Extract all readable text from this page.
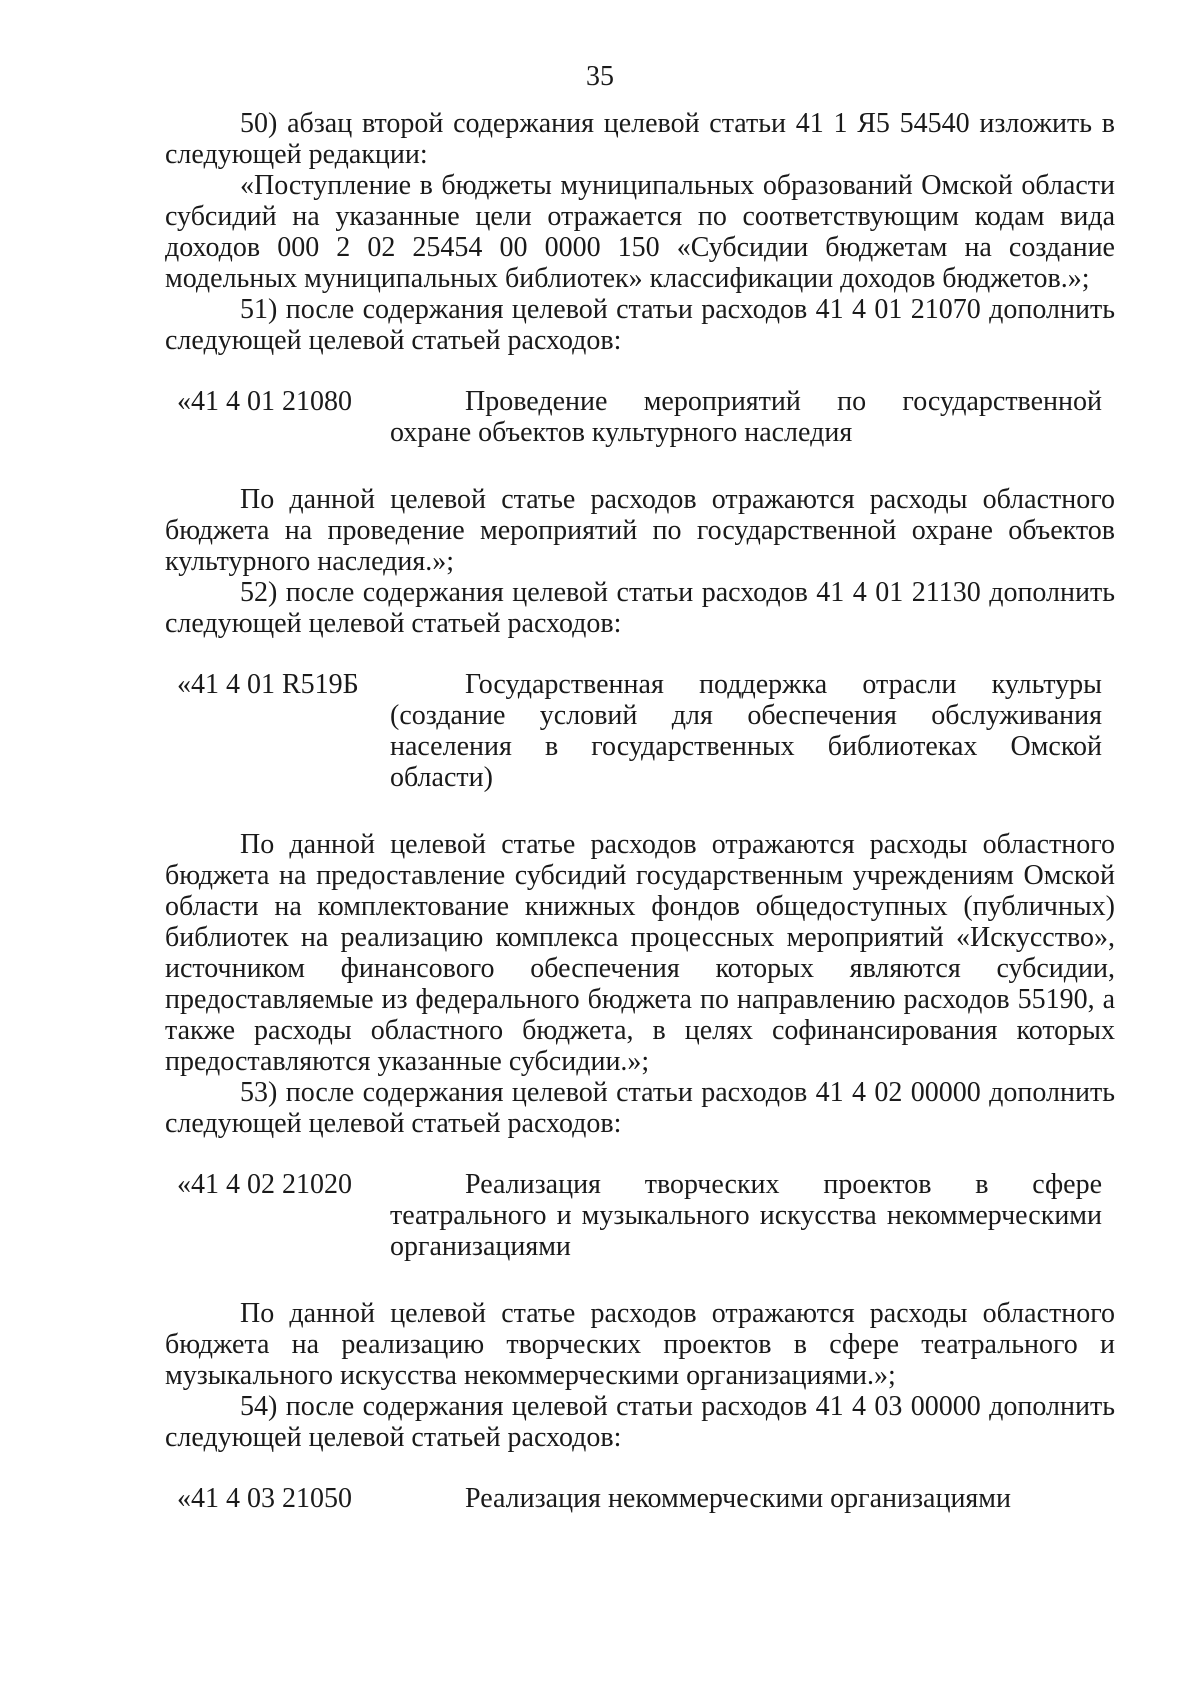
35

50) абзац второй содержания целевой статьи 41 1 Я5 54540 изложить в следующей редакции:

«Поступление в бюджеты муниципальных образований Омской области субсидий на указанные цели отражается по соответствующим кодам вида доходов 000 2 02 25454 00 0000 150 «Субсидии бюджетам на создание модельных муниципальных библиотек» классификации доходов бюджетов.»;

51) после содержания целевой статьи расходов 41 4 01 21070 дополнить следующей целевой статьей расходов:

«41 4 01 21080	Проведение мероприятий по государственной охране объектов культурного наследия

По данной целевой статье расходов отражаются расходы областного бюджета на проведение мероприятий по государственной охране объектов культурного наследия.»;

52) после содержания целевой статьи расходов 41 4 01 21130 дополнить следующей целевой статьей расходов:

«41 4 01 R519Б	Государственная поддержка отрасли культуры (создание условий для обеспечения обслуживания населения в государственных библиотеках Омской области)

По данной целевой статье расходов отражаются расходы областного бюджета на предоставление субсидий государственным учреждениям Омской области на комплектование книжных фондов общедоступных (публичных) библиотек на реализацию комплекса процессных мероприятий «Искусство», источником финансового обеспечения которых являются субсидии, предоставляемые из федерального бюджета по направлению расходов 55190, а также расходы областного бюджета, в целях софинансирования которых предоставляются указанные субсидии.»;

53) после содержания целевой статьи расходов 41 4 02 00000 дополнить следующей целевой статьей расходов:

«41 4 02 21020	Реализация творческих проектов в сфере театрального и музыкального искусства некоммерческими организациями

По данной целевой статье расходов отражаются расходы областного бюджета на реализацию творческих проектов в сфере театрального и музыкального искусства некоммерческими организациями.»;

54) после содержания целевой статьи расходов 41 4 03 00000 дополнить следующей целевой статьей расходов:

«41 4 03 21050	Реализация некоммерческими организациями
